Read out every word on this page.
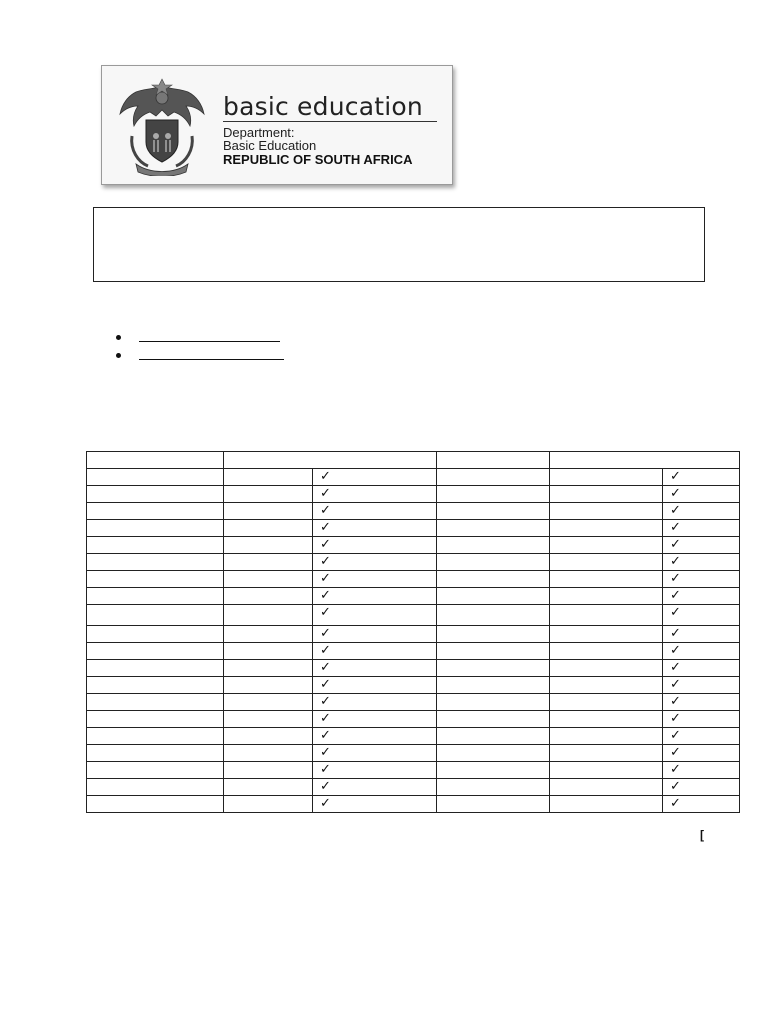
basic education
Department:
Basic Education
REPUBLIC OF SOUTH AFRICA

		✓			✓
		✓			✓
		✓			✓
		✓			✓
		✓			✓
		✓			✓
		✓			✓
		✓			✓
		✓			✓
		✓			✓
		✓			✓
		✓			✓
		✓			✓
		✓			✓
		✓			✓
		✓			✓
		✓			✓
		✓			✓
		✓			✓
		✓			✓
[
